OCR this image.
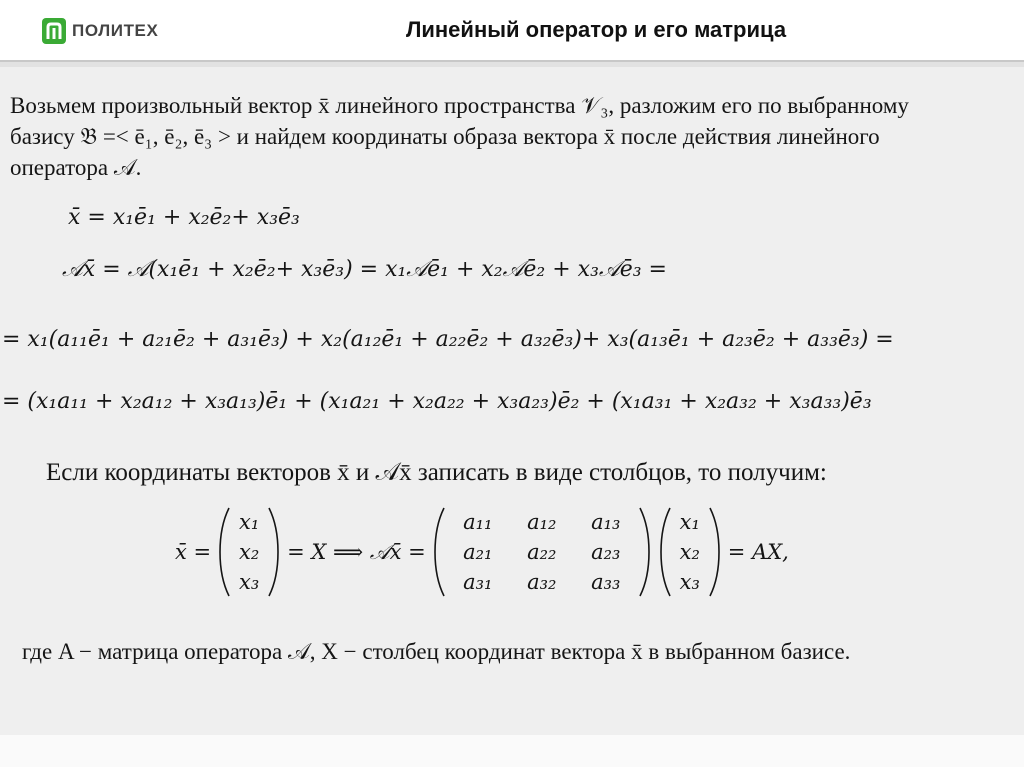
ПОЛИТЕХ	Линейный оператор и его матрица
Возьмем произвольный вектор x̄ линейного пространства 𝒱₃, разложим его по выбранному
базису 𝔅 =< ē₁, ē₂, ē₃ > и найдем координаты образа вектора x̄ после действия линейного
оператора 𝒜.
x̄ = x₁ē₁ + x₂ē₂+ x₃ē₃
𝒜x̄ = 𝒜(x₁ē₁ + x₂ē₂+ x₃ē₃) = x₁𝒜ē₁ + x₂𝒜ē₂ + x₃𝒜ē₃ =
= x₁(a₁₁ē₁ + a₂₁ē₂ + a₃₁ē₃) + x₂(a₁₂ē₁ + a₂₂ē₂ + a₃₂ē₃)+ x₃(a₁₃ē₁ + a₂₃ē₂ + a₃₃ē₃) =
= (x₁a₁₁ + x₂a₁₂ + x₃a₁₃)ē₁ + (x₁a₂₁ + x₂a₂₂ + x₃a₂₃)ē₂ + (x₁a₃₁ + x₂a₃₂ + x₃a₃₃)ē₃
Если координаты векторов x̄ и 𝒜x̄ записать в виде столбцов, то получим:
x̄ =
x₁
x₂
x₃
= X ⟹ 𝒜x̄ =
a₁₁ a₁₂ a₁₃
a₂₁ a₂₂ a₂₃
a₃₁ a₃₂ a₃₃
x₁
x₂
x₃
= AX,
где A − матрица оператора 𝒜, X − столбец координат вектора x̄ в выбранном базисе.
